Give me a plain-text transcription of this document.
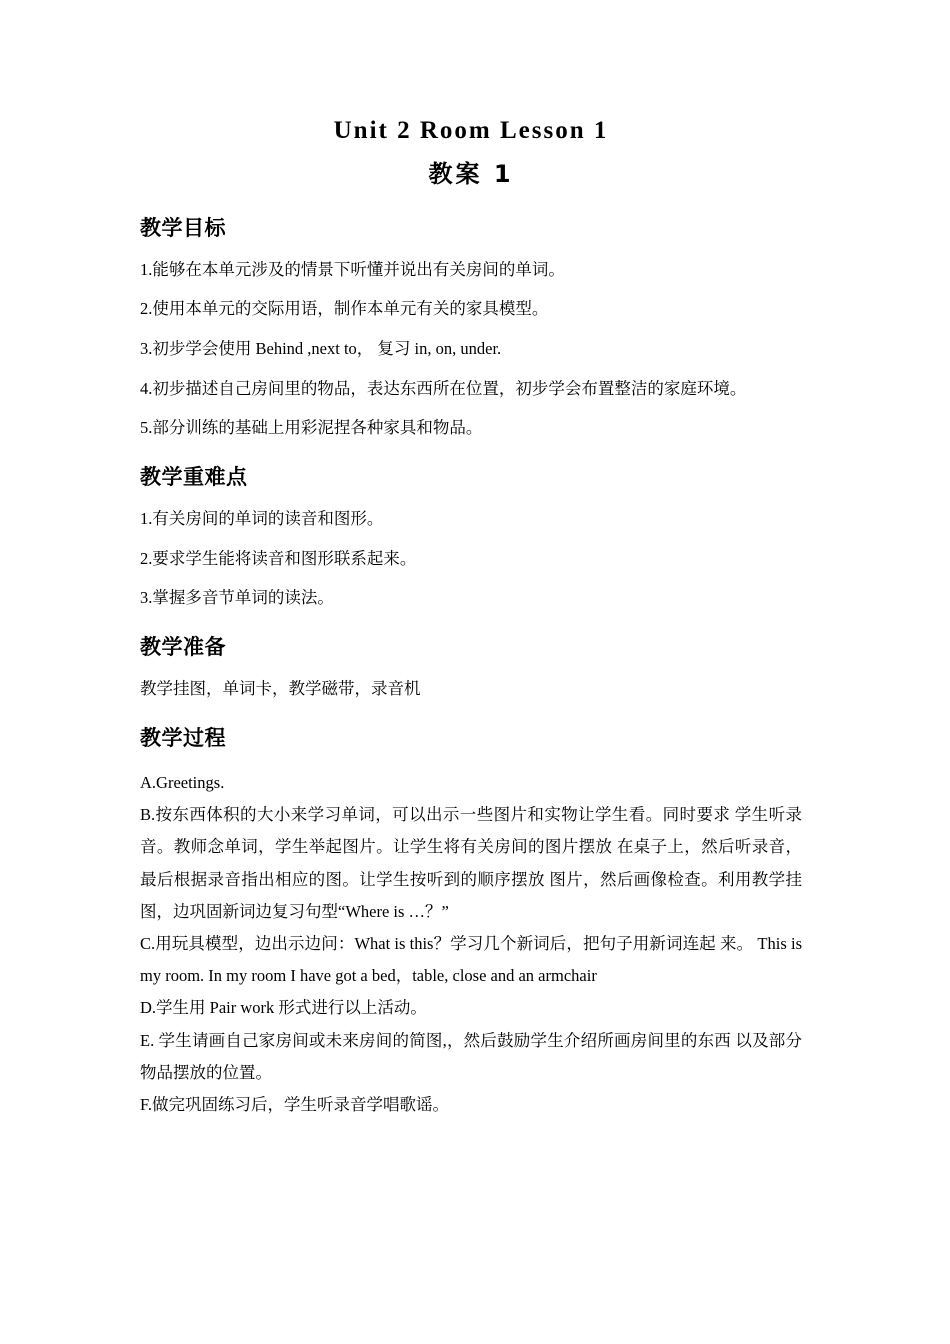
Unit 2 Room Lesson 1
教案 1
教学目标

1.能够在本单元涉及的情景下听懂并说出有关房间的单词。

2.使用本单元的交际用语，制作本单元有关的家具模型。

3.初步学会使用 Behind ,next to， 复习 in, on, under.

4.初步描述自己房间里的物品，表达东西所在位置，初步学会布置整洁的家庭环境。

5.部分训练的基础上用彩泥捏各种家具和物品。

教学重难点

1.有关房间的单词的读音和图形。

2.要求学生能将读音和图形联系起来。

3.掌握多音节单词的读法。

教学准备

教学挂图，单词卡，教学磁带，录音机

教学过程

A.Greetings.

B.按东西体积的大小来学习单词，可以出示一些图片和实物让学生看。同时要求 学生听录音。教师念单词，学生举起图片。让学生将有关房间的图片摆放 在桌子上，然后听录音，最后根据录音指出相应的图。让学生按听到的顺序摆放 图片，然后画像检查。利用教学挂图，边巩固新词边复习句型“Where is …？”

C.用玩具模型，边出示边问：What is this？学习几个新词后，把句子用新词连起 来。 This is my room. In my room I have got a bed，table, close and an armchair

D.学生用 Pair work 形式进行以上活动。

E. 学生请画自己家房间或未来房间的简图,，然后鼓励学生介绍所画房间里的东西 以及部分物品摆放的位置。

F.做完巩固练习后，学生听录音学唱歌谣。
